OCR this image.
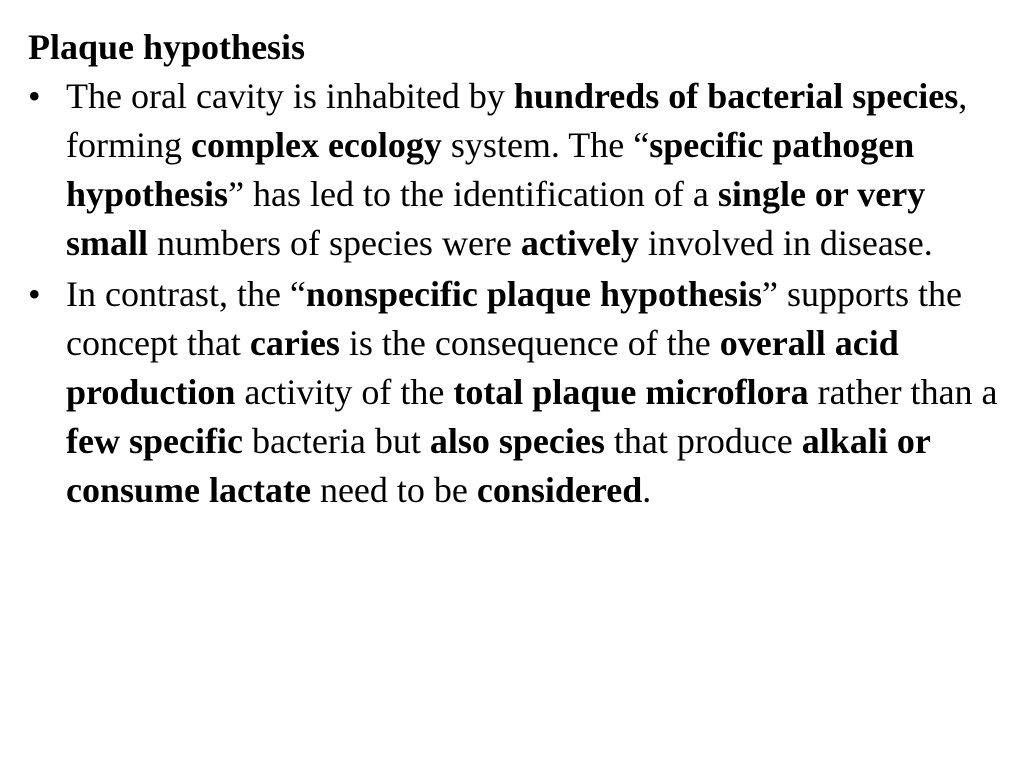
Plaque hypothesis
• The oral cavity is inhabited by hundreds of bacterial species, forming complex ecology system. The “specific pathogen hypothesis” has led to the identification of a single or very small numbers of species were actively involved in disease.
• In contrast, the “nonspecific plaque hypothesis” supports the concept that caries is the consequence of the overall acid production activity of the total plaque microflora rather than a few specific bacteria but also species that produce alkali or consume lactate need to be considered.
